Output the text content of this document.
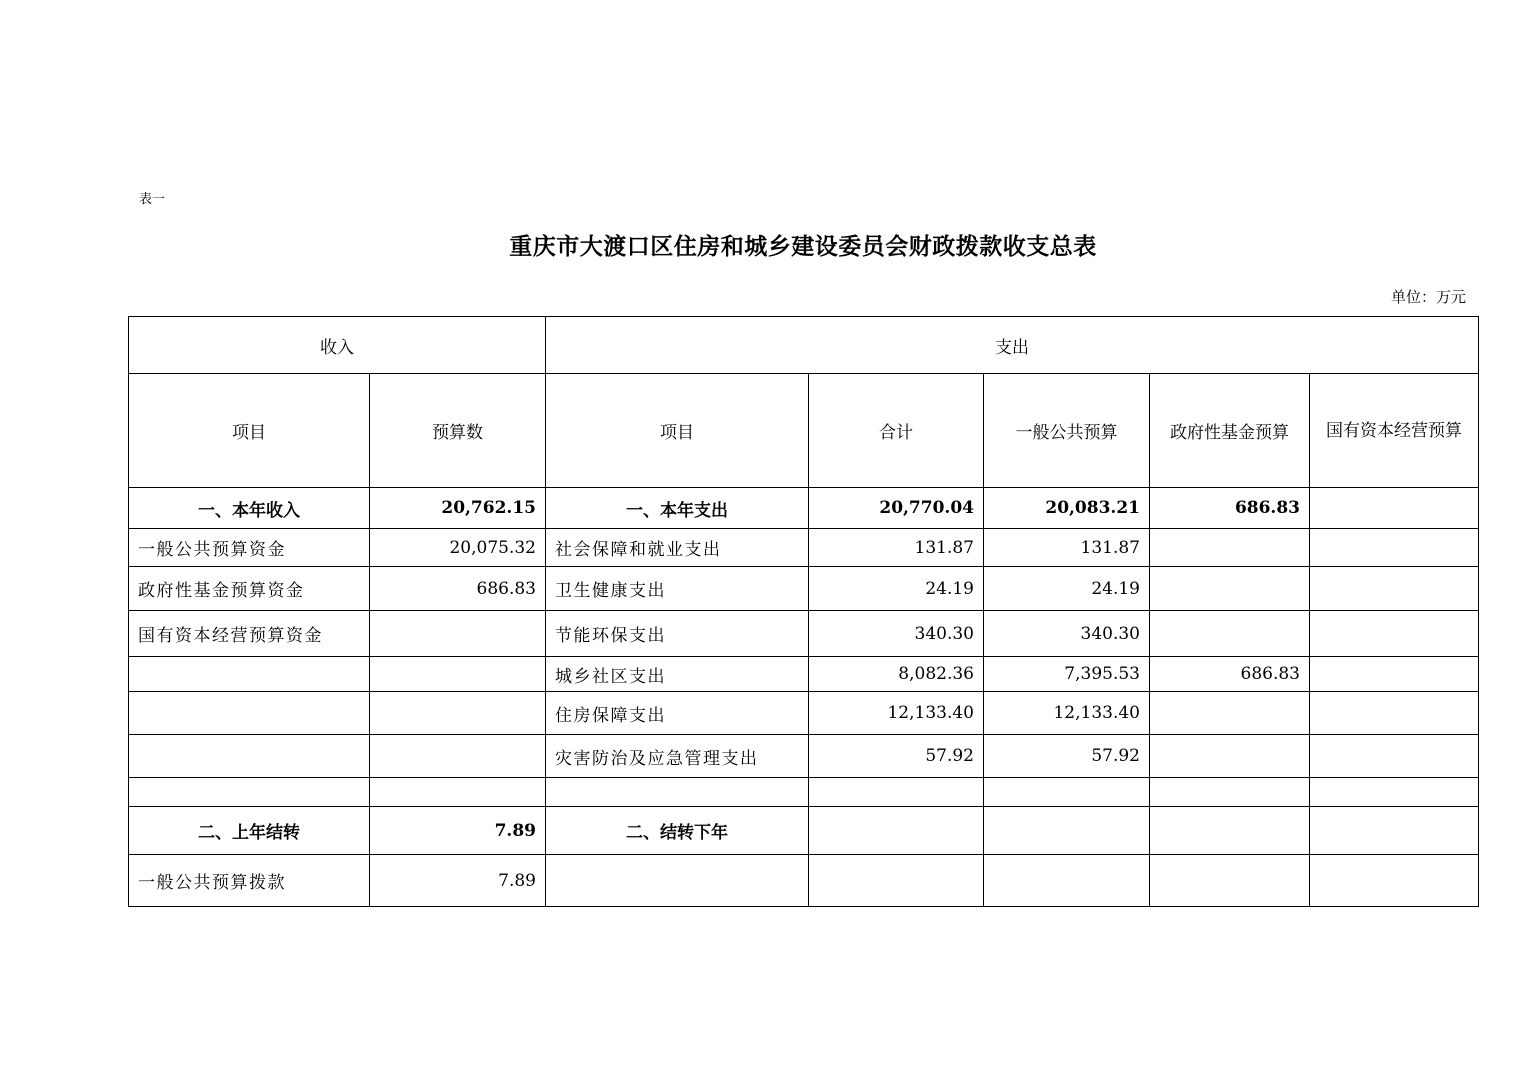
表一
重庆市大渡口区住房和城乡建设委员会财政拨款收支总表
单位：万元
收入		支出				
项目	预算数	项目	合计	一般公共预算	政府性基金预算	国有资本经营预算
一、本年收入	20,762.15	一、本年支出	20,770.04	20,083.21	686.83	
一般公共预算资金	20,075.32	社会保障和就业支出	131.87	131.87		
政府性基金预算资金	686.83	卫生健康支出	24.19	24.19		
国有资本经营预算资金		节能环保支出	340.30	340.30		
		城乡社区支出	8,082.36	7,395.53	686.83	
		住房保障支出	12,133.40	12,133.40		
		灾害防治及应急管理支出	57.92	57.92		

二、上年结转	7.89	二、结转下年				
一般公共预算拨款	7.89					
